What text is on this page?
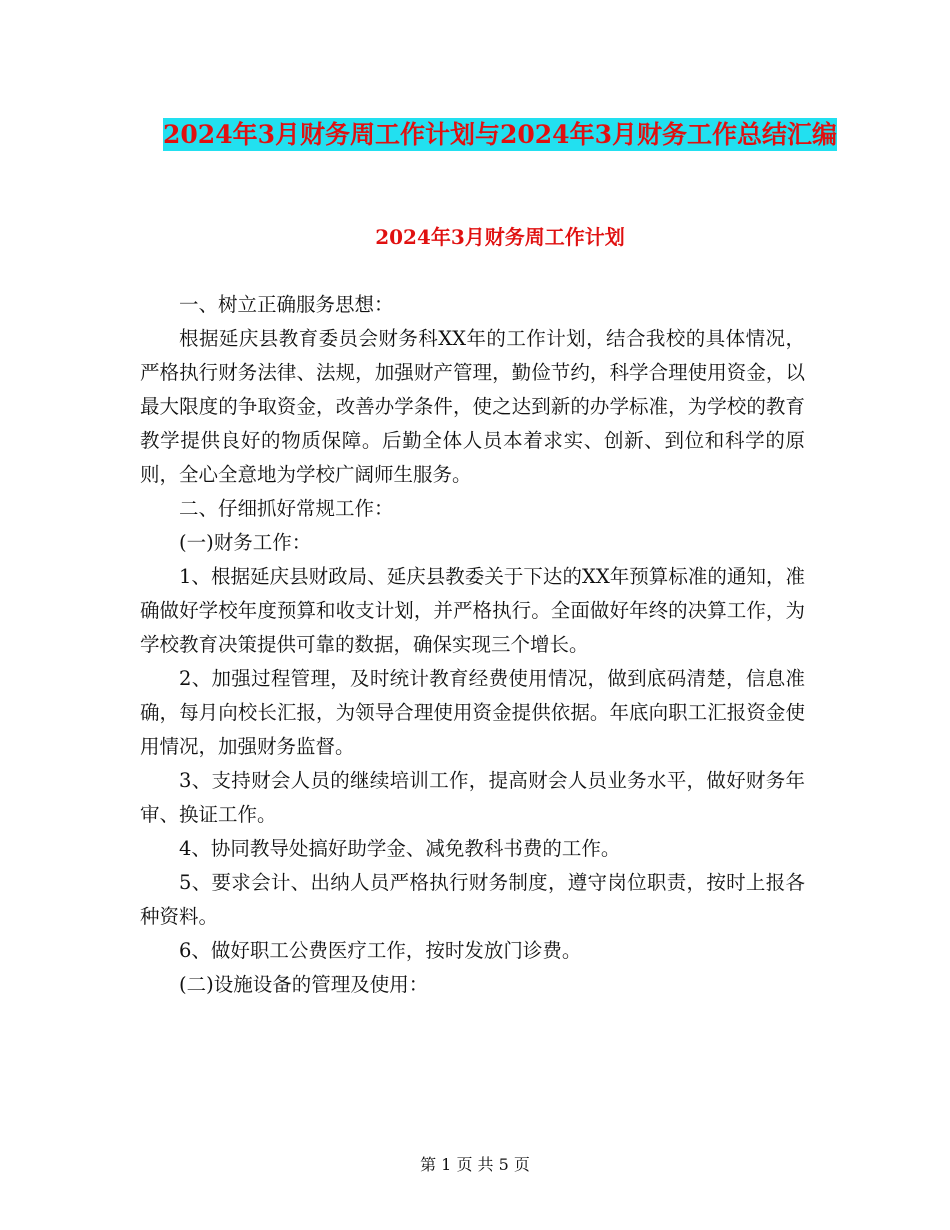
2024年3月财务周工作计划与2024年3月财务工作总结汇编
2024年3月财务周工作计划

一、树立正确服务思想：

根据延庆县教育委员会财务科XX年的工作计划，结合我校的具体情况，严格执行财务法律、法规，加强财产管理，勤俭节约，科学合理使用资金，以最大限度的争取资金，改善办学条件，使之达到新的办学标准，为学校的教育教学提供良好的物质保障。后勤全体人员本着求实、创新、到位和科学的原则，全心全意地为学校广阔师生服务。

二、仔细抓好常规工作：

(一)财务工作：

1、根据延庆县财政局、延庆县教委关于下达的XX年预算标准的通知，准确做好学校年度预算和收支计划，并严格执行。全面做好年终的决算工作，为学校教育决策提供可靠的数据，确保实现三个增长。

2、加强过程管理，及时统计教育经费使用情况，做到底码清楚，信息准确，每月向校长汇报，为领导合理使用资金提供依据。年底向职工汇报资金使用情况，加强财务监督。

3、支持财会人员的继续培训工作，提高财会人员业务水平，做好财务年审、换证工作。

4、协同教导处搞好助学金、减免教科书费的工作。

5、要求会计、出纳人员严格执行财务制度，遵守岗位职责，按时上报各种资料。

6、做好职工公费医疗工作，按时发放门诊费。

(二)设施设备的管理及使用：

第 1 页 共 5 页
